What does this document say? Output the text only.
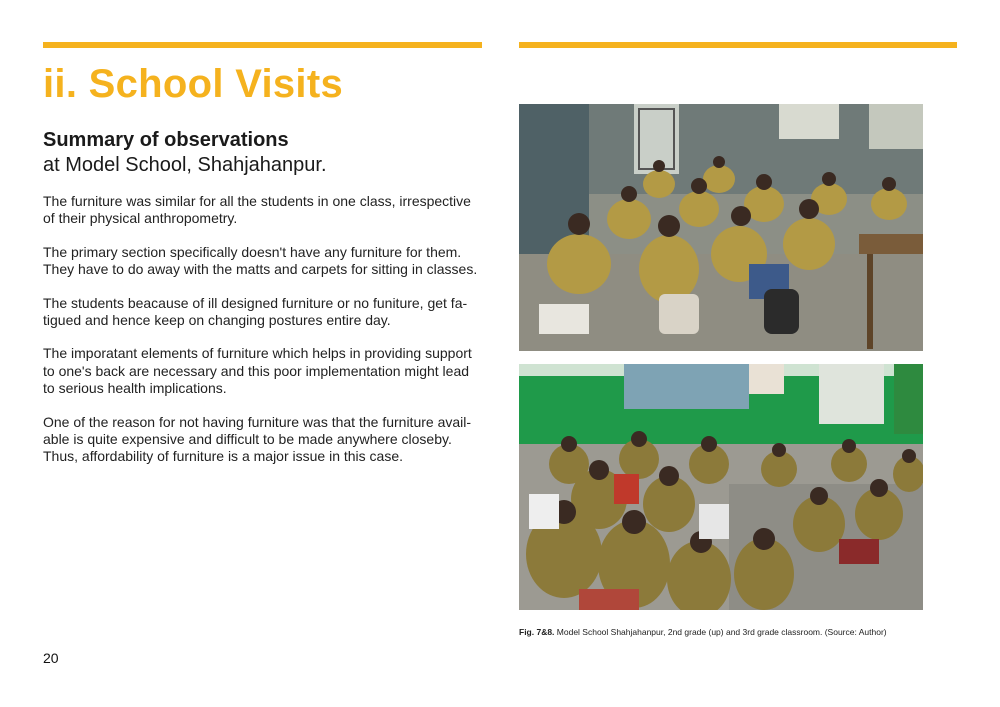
ii. School Visits
Summary of observations
at Model School, Shahjahanpur.

The furniture was similar for all the students in one class, irrespective of their physical anthropometry.

The primary section specifically doesn't have any furniture for them. They have to do away with the matts and carpets for sitting in classes.

The students beacause of ill designed furniture or no funiture, get fa-tigued and hence keep on changing postures entire day.

The imporatant elements of furniture which helps in providing support to one's back are necessary and this poor implementation might lead to serious health implications.

One of the reason for not having furniture was that the furniture avail-able is quite expensive and difficult to be made anywhere closeby. Thus, affordability of furniture is a major issue in this case.

Fig. 7&8. Model School Shahjahanpur, 2nd grade (up) and 3rd grade classroom. (Source: Author)
20
